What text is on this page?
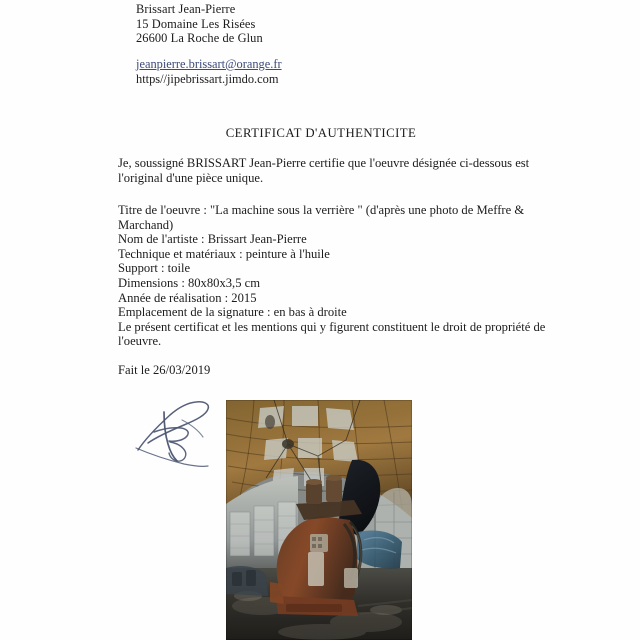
Brissart Jean-Pierre
15 Domaine Les Risées
26600 La Roche de Glun
jeanpierre.brissart@orange.fr
https//jipebrissart.jimdo.com
CERTIFICAT D'AUTHENTICITE
Je, soussigné BRISSART Jean-Pierre certifie que l'oeuvre désignée ci-dessous est l'original d'une pièce unique.

Titre de l'oeuvre : "La machine sous la verrière " (d'après une photo de Meffre & Marchand)

Nom de l'artiste : Brissart Jean-Pierre

Technique et matériaux : peinture à l'huile

Support : toile

Dimensions : 80x80x3,5 cm

Année de réalisation : 2015

Emplacement de la signature : en bas à droite

Le présent certificat et les mentions qui y figurent constituent le droit de propriété de l'oeuvre.

Fait le 26/03/2019
